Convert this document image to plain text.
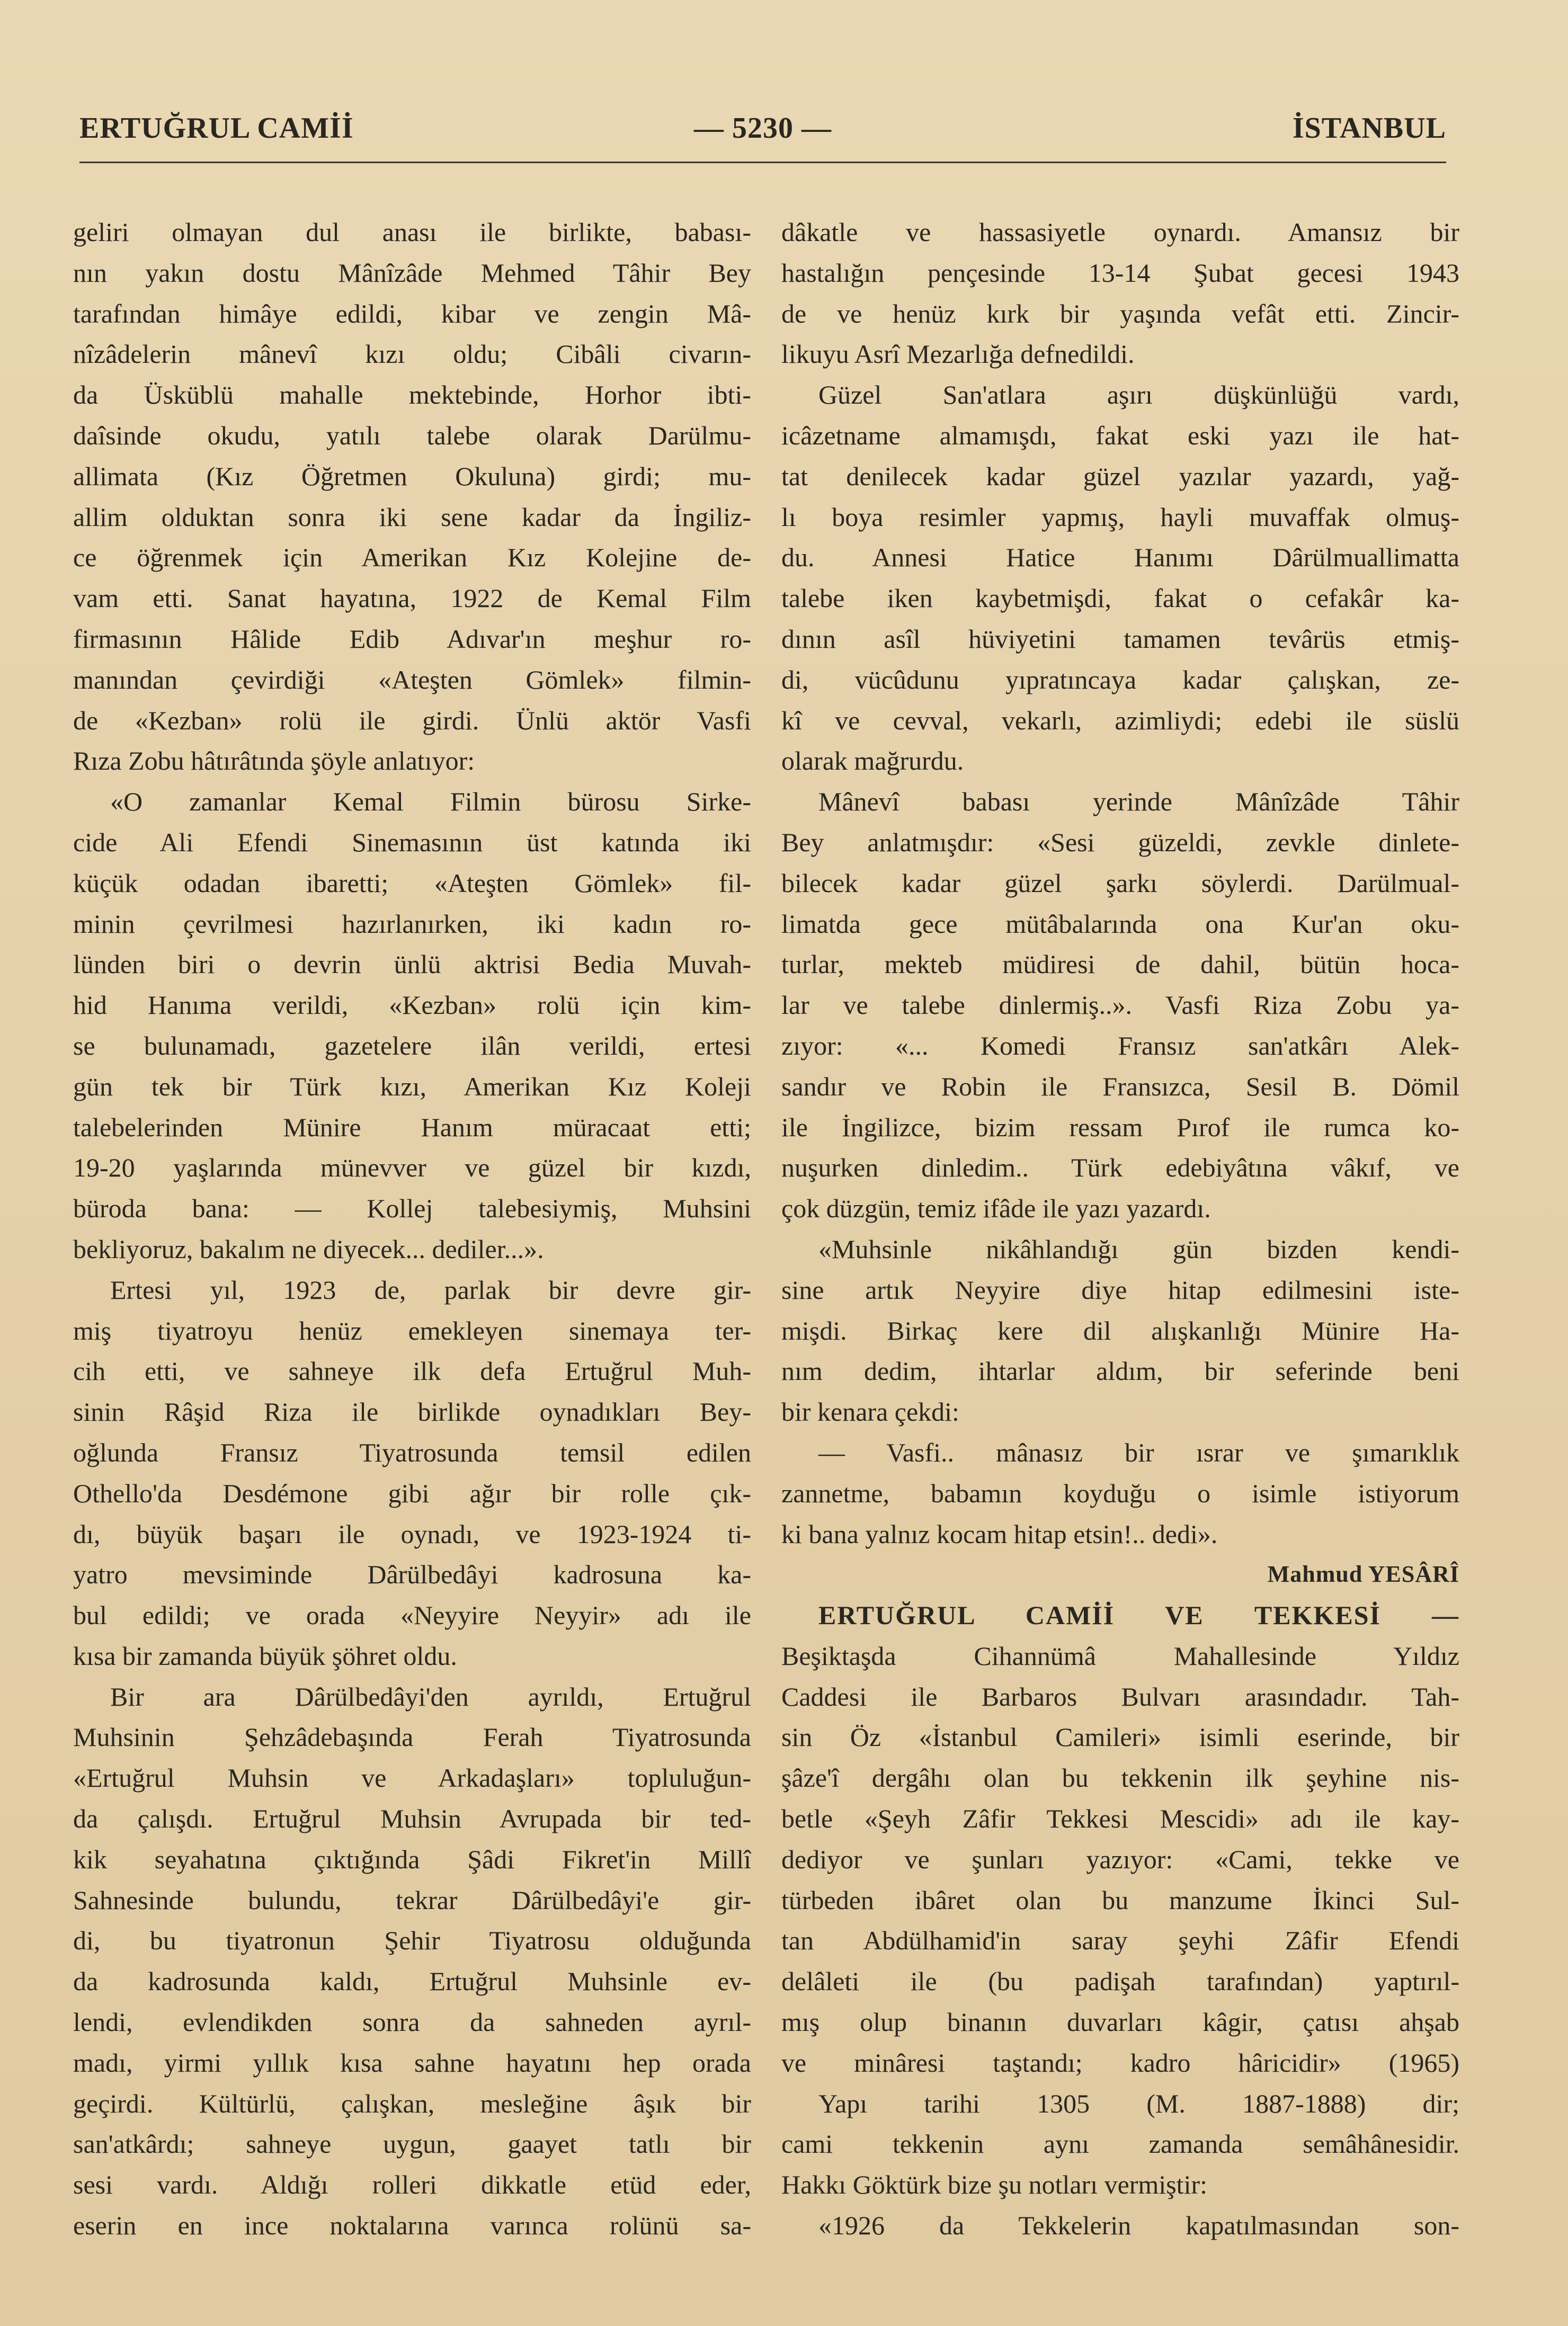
ERTUĞRUL CAMİİ	— 5230 —	İSTANBUL
geliri olmayan dul anası ile birlikte, babası-
nın yakın dostu Mânîzâde Mehmed Tâhir Bey
tarafından himâye edildi, kibar ve zengin Mâ-
nîzâdelerin mânevî kızı oldu; Cibâli civarın-
da Üsküblü mahalle mektebinde, Horhor ibti-
daîsinde okudu, yatılı talebe olarak Darülmu-
allimata (Kız Öğretmen Okuluna) girdi; mu-
allim olduktan sonra iki sene kadar da İngiliz-
ce öğrenmek için Amerikan Kız Kolejine de-
vam etti. Sanat hayatına, 1922 de Kemal Film
firmasının Hâlide Edib Adıvar'ın meşhur ro-
manından çevirdiği «Ateşten Gömlek» filmin-
de «Kezban» rolü ile girdi. Ünlü aktör Vasfi
Rıza Zobu hâtırâtında şöyle anlatıyor:
«O zamanlar Kemal Filmin bürosu Sirke-
cide Ali Efendi Sinemasının üst katında iki
küçük odadan ibaretti; «Ateşten Gömlek» fil-
minin çevrilmesi hazırlanırken, iki kadın ro-
lünden biri o devrin ünlü aktrisi Bedia Muvah-
hid Hanıma verildi, «Kezban» rolü için kim-
se bulunamadı, gazetelere ilân verildi, ertesi
gün tek bir Türk kızı, Amerikan Kız Koleji
talebelerinden Münire Hanım müracaat etti;
19-20 yaşlarında münevver ve güzel bir kızdı,
büroda bana: — Kollej talebesiymiş, Muhsini
bekliyoruz, bakalım ne diyecek... dediler...».
Ertesi yıl, 1923 de, parlak bir devre gir-
miş tiyatroyu henüz emekleyen sinemaya ter-
cih etti, ve sahneye ilk defa Ertuğrul Muh-
sinin Râşid Riza ile birlikde oynadıkları Bey-
oğlunda Fransız Tiyatrosunda temsil edilen
Othello'da Desdémone gibi ağır bir rolle çık-
dı, büyük başarı ile oynadı, ve 1923-1924 ti-
yatro mevsiminde Dârülbedâyi kadrosuna ka-
bul edildi; ve orada «Neyyire Neyyir» adı ile
kısa bir zamanda büyük şöhret oldu.
Bir ara Dârülbedâyi'den ayrıldı, Ertuğrul
Muhsinin Şehzâdebaşında Ferah Tiyatrosunda
«Ertuğrul Muhsin ve Arkadaşları» topluluğun-
da çalışdı. Ertuğrul Muhsin Avrupada bir ted-
kik seyahatına çıktığında Şâdi Fikret'in Millî
Sahnesinde bulundu, tekrar Dârülbedâyi'e gir-
di, bu tiyatronun Şehir Tiyatrosu olduğunda
da kadrosunda kaldı, Ertuğrul Muhsinle ev-
lendi, evlendikden sonra da sahneden ayrıl-
madı, yirmi yıllık kısa sahne hayatını hep orada
geçirdi. Kültürlü, çalışkan, mesleğine âşık bir
san'atkârdı; sahneye uygun, gaayet tatlı bir
sesi vardı. Aldığı rolleri dikkatle etüd eder,
eserin en ince noktalarına varınca rolünü sa-
dâkatle ve hassasiyetle oynardı. Amansız bir
hastalığın pençesinde 13-14 Şubat gecesi 1943
de ve henüz kırk bir yaşında vefât etti. Zincir-
likuyu Asrî Mezarlığa defnedildi.
Güzel San'atlara aşırı düşkünlüğü vardı,
icâzetname almamışdı, fakat eski yazı ile hat-
tat denilecek kadar güzel yazılar yazardı, yağ-
lı boya resimler yapmış, hayli muvaffak olmuş-
du. Annesi Hatice Hanımı Dârülmuallimatta
talebe iken kaybetmişdi, fakat o cefakâr ka-
dının asîl hüviyetini tamamen tevârüs etmiş-
di, vücûdunu yıpratıncaya kadar çalışkan, ze-
kî ve cevval, vekarlı, azimliydi; edebi ile süslü
olarak mağrurdu.
Mânevî babası yerinde Mânîzâde Tâhir
Bey anlatmışdır: «Sesi güzeldi, zevkle dinlete-
bilecek kadar güzel şarkı söylerdi. Darülmual-
limatda gece mütâbalarında ona Kur'an oku-
turlar, mekteb müdiresi de dahil, bütün hoca-
lar ve talebe dinlermiş..». Vasfi Riza Zobu ya-
zıyor: «... Komedi Fransız san'atkârı Alek-
sandır ve Robin ile Fransızca, Sesil B. Dömil
ile İngilizce, bizim ressam Pırof ile rumca ko-
nuşurken dinledim.. Türk edebiyâtına vâkıf, ve
çok düzgün, temiz ifâde ile yazı yazardı.
«Muhsinle nikâhlandığı gün bizden kendi-
sine artık Neyyire diye hitap edilmesini iste-
mişdi. Birkaç kere dil alışkanlığı Münire Ha-
nım dedim, ihtarlar aldım, bir seferinde beni
bir kenara çekdi:
— Vasfi.. mânasız bir ısrar ve şımarıklık
zannetme, babamın koyduğu o isimle istiyorum
ki bana yalnız kocam hitap etsin!.. dedi».
Mahmud YESÂRÎ
ERTUĞRUL CAMİİ VE TEKKESİ —
Beşiktaşda Cihannümâ Mahallesinde Yıldız
Caddesi ile Barbaros Bulvarı arasındadır. Tah-
sin Öz «İstanbul Camileri» isimli eserinde, bir
şâze'î dergâhı olan bu tekkenin ilk şeyhine nis-
betle «Şeyh Zâfir Tekkesi Mescidi» adı ile kay-
dediyor ve şunları yazıyor: «Cami, tekke ve
türbeden ibâret olan bu manzume İkinci Sul-
tan Abdülhamid'in saray şeyhi Zâfir Efendi
delâleti ile (bu padişah tarafından) yaptırıl-
mış olup binanın duvarları kâgir, çatısı ahşab
ve minâresi taştandı; kadro hâricidir» (1965)
Yapı tarihi 1305 (M. 1887-1888) dir;
cami tekkenin aynı zamanda semâhânesidir.
Hakkı Göktürk bize şu notları vermiştir:
«1926 da Tekkelerin kapatılmasından son-
